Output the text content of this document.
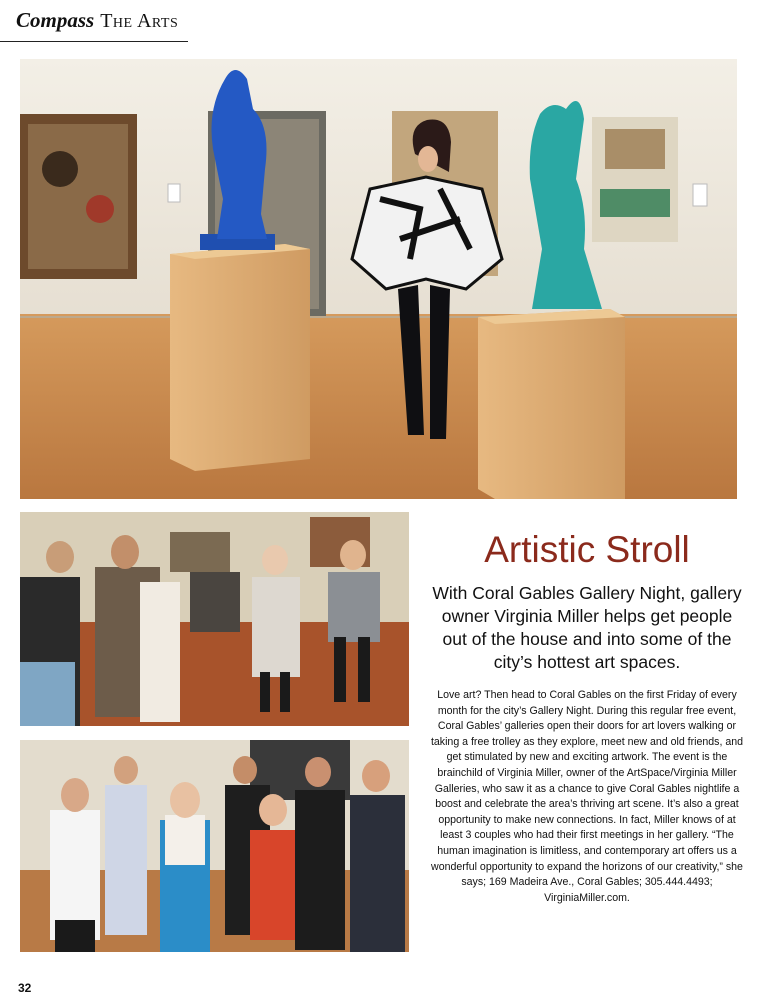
Compass The Arts
Artistic Stroll

With Coral Gables Gallery Night, gallery owner Virginia Miller helps get people out of the house and into some of the city’s hottest art spaces.

Love art? Then head to Coral Gables on the first Friday of every month for the city’s Gallery Night. During this regular free event, Coral Gables’ galleries open their doors for art lovers walking or taking a free trolley as they explore, meet new and old friends, and get stimulated by new and exciting artwork. The event is the brainchild of Virginia Miller, owner of the ArtSpace/Virginia Miller Galleries, who saw it as a chance to give Coral Gables nightlife a boost and celebrate the area’s thriving art scene. It’s also a great opportunity to make new connections. In fact, Miller knows of at least 3 couples who had their first meetings in her gallery. “The human imagination is limitless, and contemporary art offers us a wonderful opportunity to expand the horizons of our creativity,” she says; 169 Madeira Ave., Coral Gables; 305.444.4493; VirginiaMiller.com.

32
